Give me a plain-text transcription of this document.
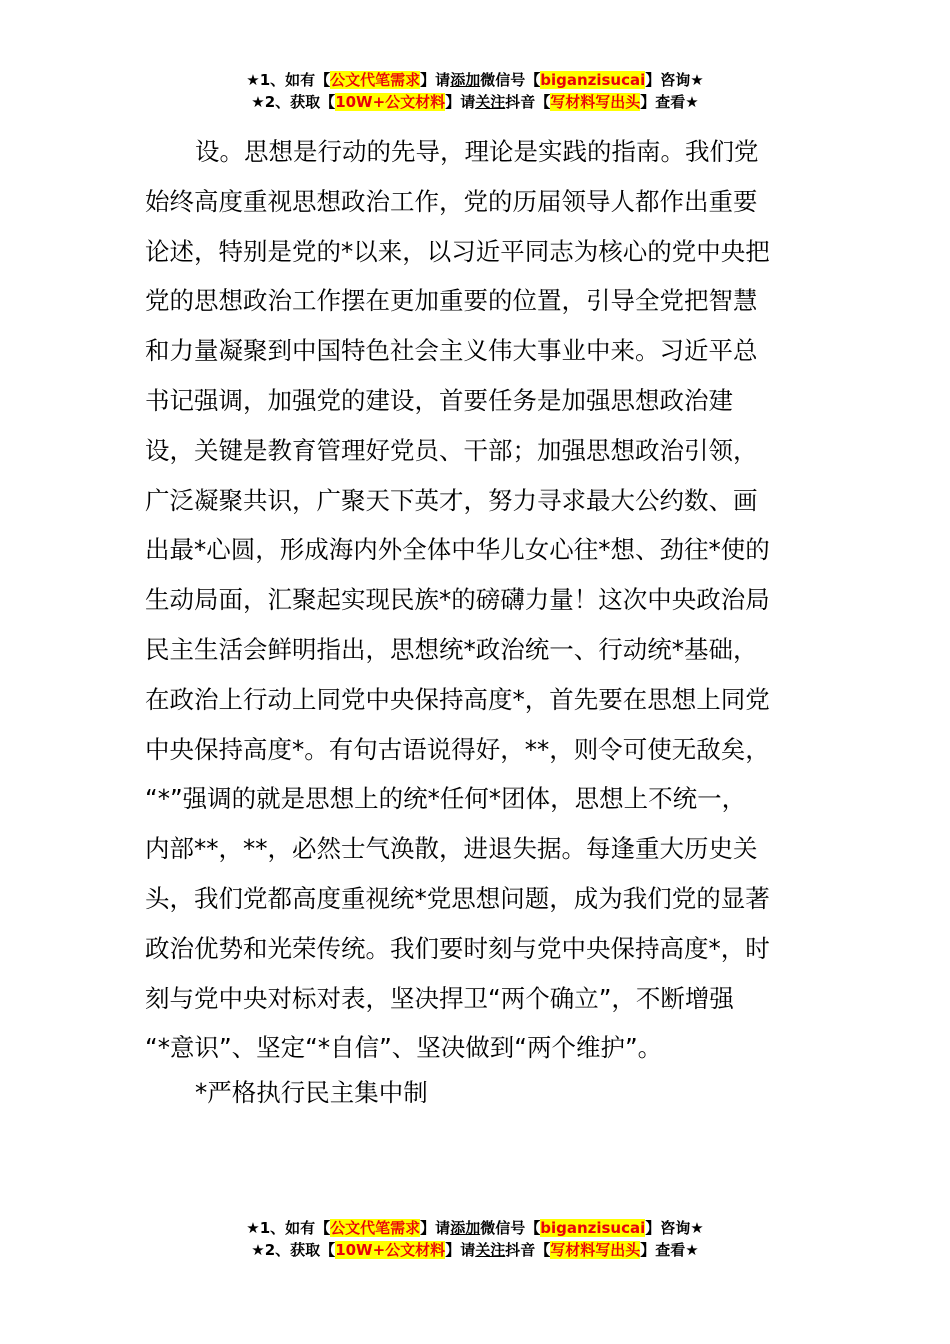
★1、如有【公文代笔需求】请添加微信号【biganzisucai】咨询★
★2、获取【10W+公文材料】请关注抖音【写材料写出头】查看★
设。思想是行动的先导，理论是实践的指南。我们党
始终高度重视思想政治工作，党的历届领导人都作出重要
论述，特别是党的*以来，以习近平同志为核心的党中央把
党的思想政治工作摆在更加重要的位置，引导全党把智慧
和力量凝聚到中国特色社会主义伟大事业中来。习近平总
书记强调，加强党的建设，首要任务是加强思想政治建
设，关键是教育管理好党员、干部；加强思想政治引领，
广泛凝聚共识，广聚天下英才，努力寻求最大公约数、画
出最*心圆，形成海内外全体中华儿女心往*想、劲往*使的
生动局面，汇聚起实现民族*的磅礴力量！这次中央政治局
民主生活会鲜明指出，思想统*政治统一、行动统*基础，
在政治上行动上同党中央保持高度*，首先要在思想上同党
中央保持高度*。有句古语说得好，**，则令可使无敌矣，
“*”强调的就是思想上的统*任何*团体，思想上不统一，
内部**，**，必然士气涣散，进退失据。每逢重大历史关
头，我们党都高度重视统*党思想问题，成为我们党的显著
政治优势和光荣传统。我们要时刻与党中央保持高度*，时
刻与党中央对标对表，坚决捍卫“两个确立”，不断增强
“*意识”、坚定“*自信”、坚决做到“两个维护”。
*严格执行民主集中制
★1、如有【公文代笔需求】请添加微信号【biganzisucai】咨询★
★2、获取【10W+公文材料】请关注抖音【写材料写出头】查看★
